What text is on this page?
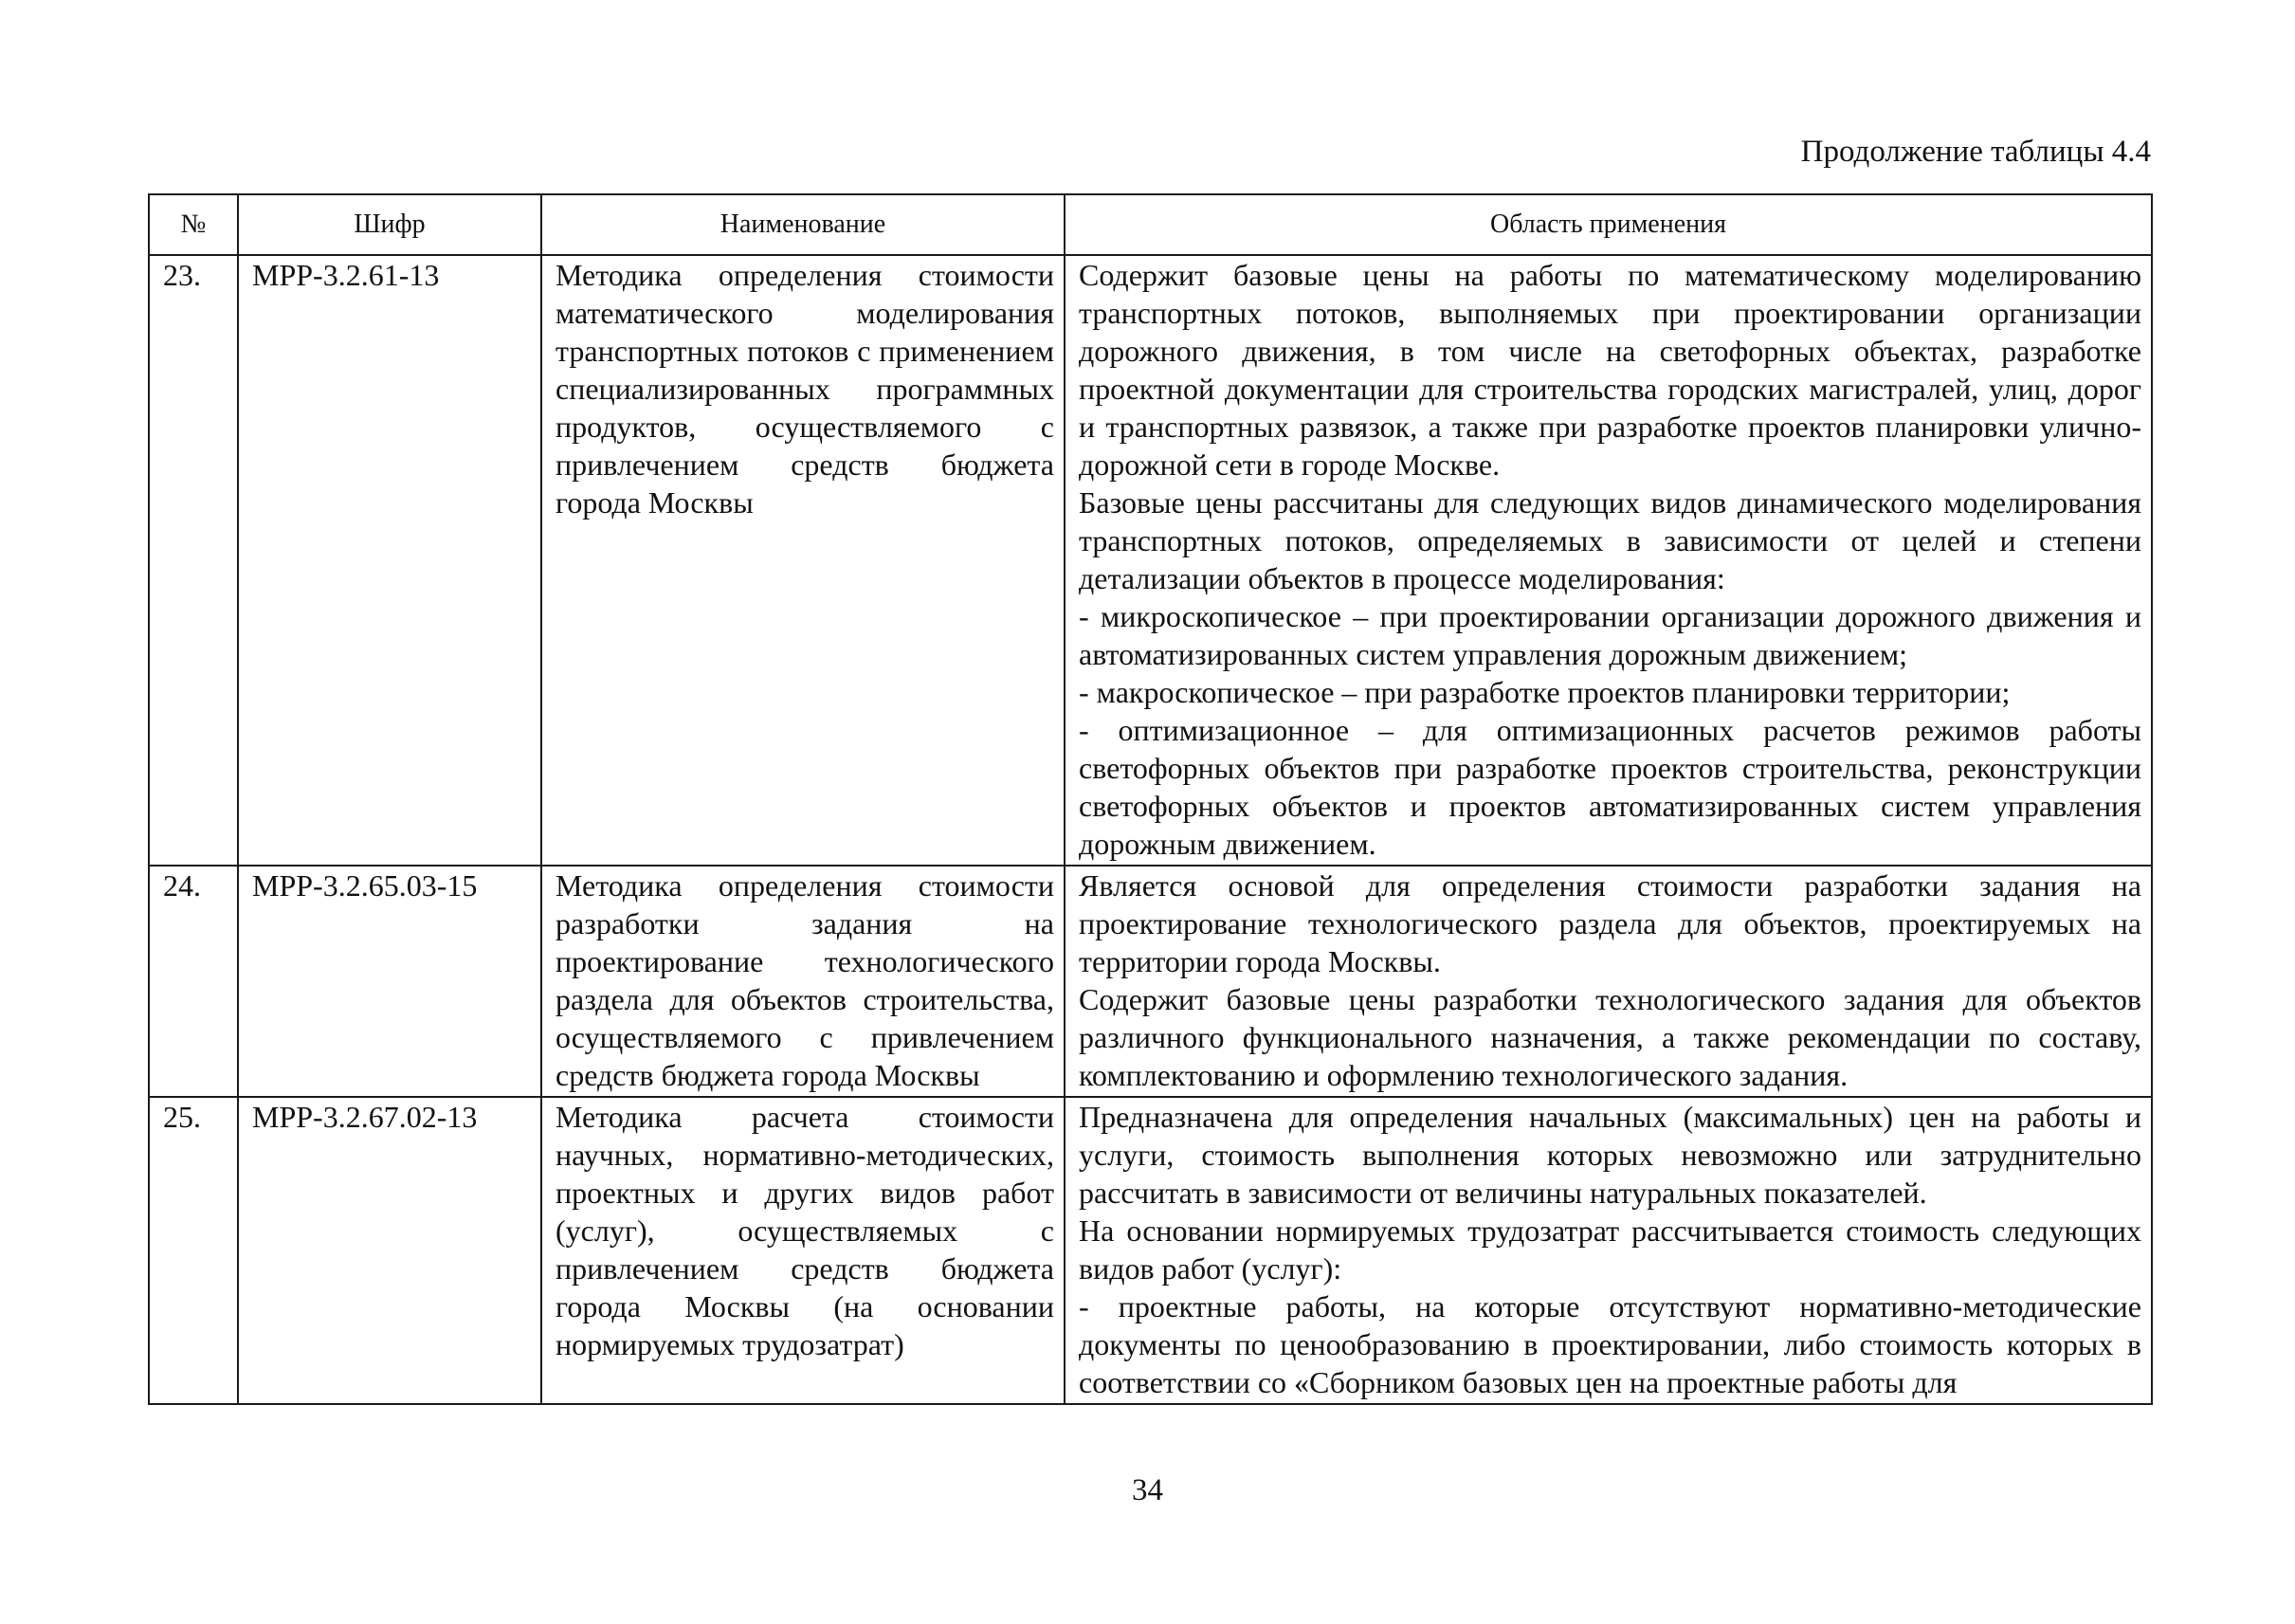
Продолжение таблицы 4.4
№	Шифр	Наименование	Область применения
23.	МРР-3.2.61-13	Методика определения стоимости математического моделирования транспортных потоков с применением специализированных программных продуктов, осуществляемого с привлечением средств бюджета города Москвы	Содержит базовые цены на работы по математическому моделированию транспортных потоков, выполняемых при проектировании организации дорожного движения, в том числе на светофорных объектах, разработке проектной документации для строительства городских магистралей, улиц, дорог и транспортных развязок, а также при разработке проектов планировки улично-дорожной сети в городе Москве.
Базовые цены рассчитаны для следующих видов динамического моделирования транспортных потоков, определяемых в зависимости от целей и степени детализации объектов в процессе моделирования:
- микроскопическое – при проектировании организации дорожного движения и автоматизированных систем управления дорожным движением;
- макроскопическое – при разработке проектов планировки территории;
- оптимизационное – для оптимизационных расчетов режимов работы светофорных объектов при разработке проектов строительства, реконструкции светофорных объектов и проектов автоматизированных систем управления дорожным движением.

24.	МРР-3.2.65.03-15	Методика определения стоимости разработки задания на проектирование технологического раздела для объектов строительства, осуществляемого с привлечением средств бюджета города Москвы	Является основой для определения стоимости разработки задания на проектирование технологического раздела для объектов, проектируемых на территории города Москвы.
Содержит базовые цены разработки технологического задания для объектов различного функционального назначения, а также рекомендации по составу, комплектованию и оформлению технологического задания.

25.	МРР-3.2.67.02-13	Методика расчета стоимости научных, нормативно-методических, проектных и других видов работ (услуг), осуществляемых с привлечением средств бюджета города Москвы (на основании нормируемых трудозатрат)	Предназначена для определения начальных (максимальных) цен на работы и услуги, стоимость выполнения которых невозможно или затруднительно рассчитать в зависимости от величины натуральных показателей.
На основании нормируемых трудозатрат рассчитывается стоимость следующих видов работ (услуг):
- проектные работы, на которые отсутствуют нормативно-методические документы по ценообразованию в проектировании, либо стоимость которых в соответствии со «Сборником базовых цен на проектные работы для
34
